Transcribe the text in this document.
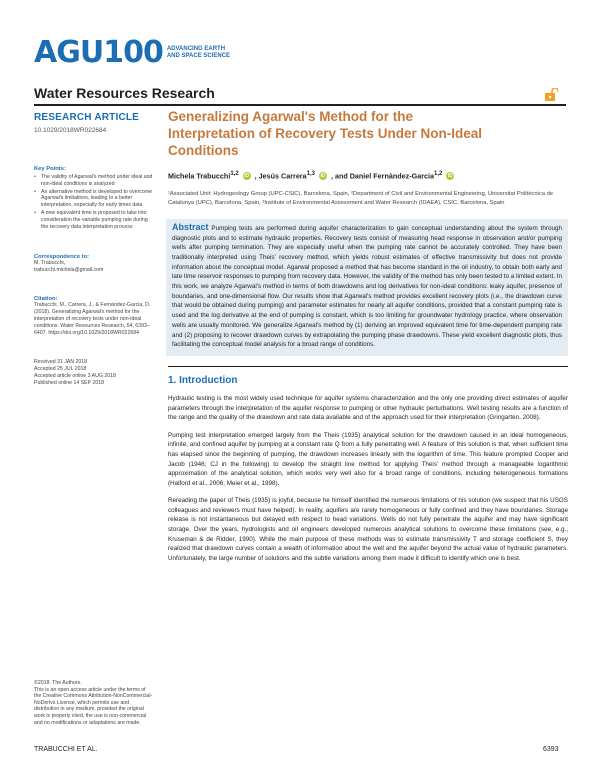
AGU100 ADVANCING EARTH AND SPACE SCIENCE
Water Resources Research
RESEARCH ARTICLE
10.1029/2018WR022684
Key Points:
• The validity of Agarwal's method under ideal and non-ideal conditions is analyzed
• An alternative method is developed to overcome Agarwal's limitations, leading to a better interpretation, especially for early times data
• A new equivalent time is proposed to take into consideration the variable pumping rate during the recovery data interpretation process
Correspondence to:
M. Trabucchi,
trabucchi.michela@gmail.com
Citation:
Trabucchi, M., Carrera, J., & Fernàndez-Garcia, D. (2018). Generalizing Agarwal's method for the interpretation of recovery tests under non-ideal conditions. Water Resources Research, 54, 6393–6407. https://doi.org/10.1029/2018WR022684
Received 31 JAN 2018
Accepted 25 JUL 2018
Accepted article online 3 AUG 2018
Published online 14 SEP 2018
©2018. The Authors.
This is an open access article under the terms of the Creative Commons Attribution-NonCommercial-NoDerivs License, which permits use and distribution in any medium, provided the original work is properly cited, the use is non-commercial and no modifications or adaptations are made.
Generalizing Agarwal's Method for the Interpretation of Recovery Tests Under Non-Ideal Conditions
Michela Trabucchi$^{1,2}$	iD , Jesús Carrera$^{1,3}$	iD , and Daniel Fernàndez-Garcia$^{1,2}$	iD
¹Associated Unit: Hydrogeology Group (UPC-CSIC), Barcelona, Spain, ²Department of Civil and Environmental Engineering, Universitat Politècnica de Catalunya (UPC), Barcelona, Spain, ³Institute of Environmental Assessment and Water Research (IDAEA), CSIC, Barcelona, Spain

Abstract Pumping tests are performed during aquifer characterization to gain conceptual understanding about the system through diagnostic plots and to estimate hydraulic properties. Recovery tests consist of measuring head response in observation and/or pumping wells after pumping termination. They are especially useful when the pumping rate cannot be accurately controlled. They have been traditionally interpreted using Theis' recovery method, which yields robust estimates of effective transmissivity but does not provide information about the conceptual model. Agarwal proposed a method that has become standard in the oil industry, to obtain both early and late time reservoir responses to pumping from recovery data. However, the validity of the method has only been tested to a limited extent. In this work, we analyze Agarwal's method in terms of both drawdowns and log derivatives for non-ideal conditions: leaky aquifer, presence of boundaries, and one-dimensional flow. Our results show that Agarwal's method provides excellent recovery plots (i.e., the drawdown curve that would be obtained during pumping) and parameter estimates for nearly all aquifer conditions, provided that a constant pumping rate is used and the log derivative at the end of pumping is constant, which is too limiting for groundwater hydrology practice, where observation wells are usually monitored. We generalize Agarwal's method by (1) deriving an improved equivalent time for time-dependent pumping rate and (2) proposing to recover drawdown curves by extrapolating the pumping phase drawdowns. These yield excellent diagnostic plots, thus facilitating the conceptual model analysis for a broad range of conditions.

1. Introduction

Hydraulic testing is the most widely used technique for aquifer systems characterization and the only one providing direct estimates of aquifer parameters through the interpretation of the aquifer response to pumping or other hydraulic perturbations. Well testing results are a function of the range and the quality of the drawdown and rate data available and of the approach used for their interpretation (Gringarten, 2008).

Pumping test interpretation emerged largely from the Theis (1935) analytical solution for the drawdown caused in an ideal homogeneous, infinite, and confined aquifer by pumping at a constant rate Q from a fully penetrating well. A feature of this solution is that, when sufficient time has elapsed since the beginning of pumping, the drawdown increases linearly with the logarithm of time. This feature prompted Cooper and Jacob (1946; CJ in the following) to develop the straight line method for applying Theis' method through a manageable logarithmic approximation of the analytical solution, which works very well also for a broad range of conditions, including heterogeneous formations (Halford et al., 2006; Meier et al., 1998).

Rereading the paper of Theis (1935) is joyful, because he himself identified the numerous limitations of his solution (we suspect that his USGS colleagues and reviewers must have helped). In reality, aquifers are rarely homogeneous or fully confined and they have boundaries. Storage release is not instantaneous but delayed with respect to head variations. Wells do not fully penetrate the aquifer and may have significant storage. Over the years, hydrologists and oil engineers developed numerous analytical solutions to overcome these limitations (see, e.g., Kruseman & de Ridder, 1990). While the main purpose of these methods was to estimate transmissivity T and storage coefficient S, they realized that drawdown curves contain a wealth of information about the well and the aquifer beyond the actual value of hydraulic parameters. Unfortunately, the large number of solutions and the subtle variations among them made it difficult to identify which one is best.

TRABUCCHI ET AL.	6393
